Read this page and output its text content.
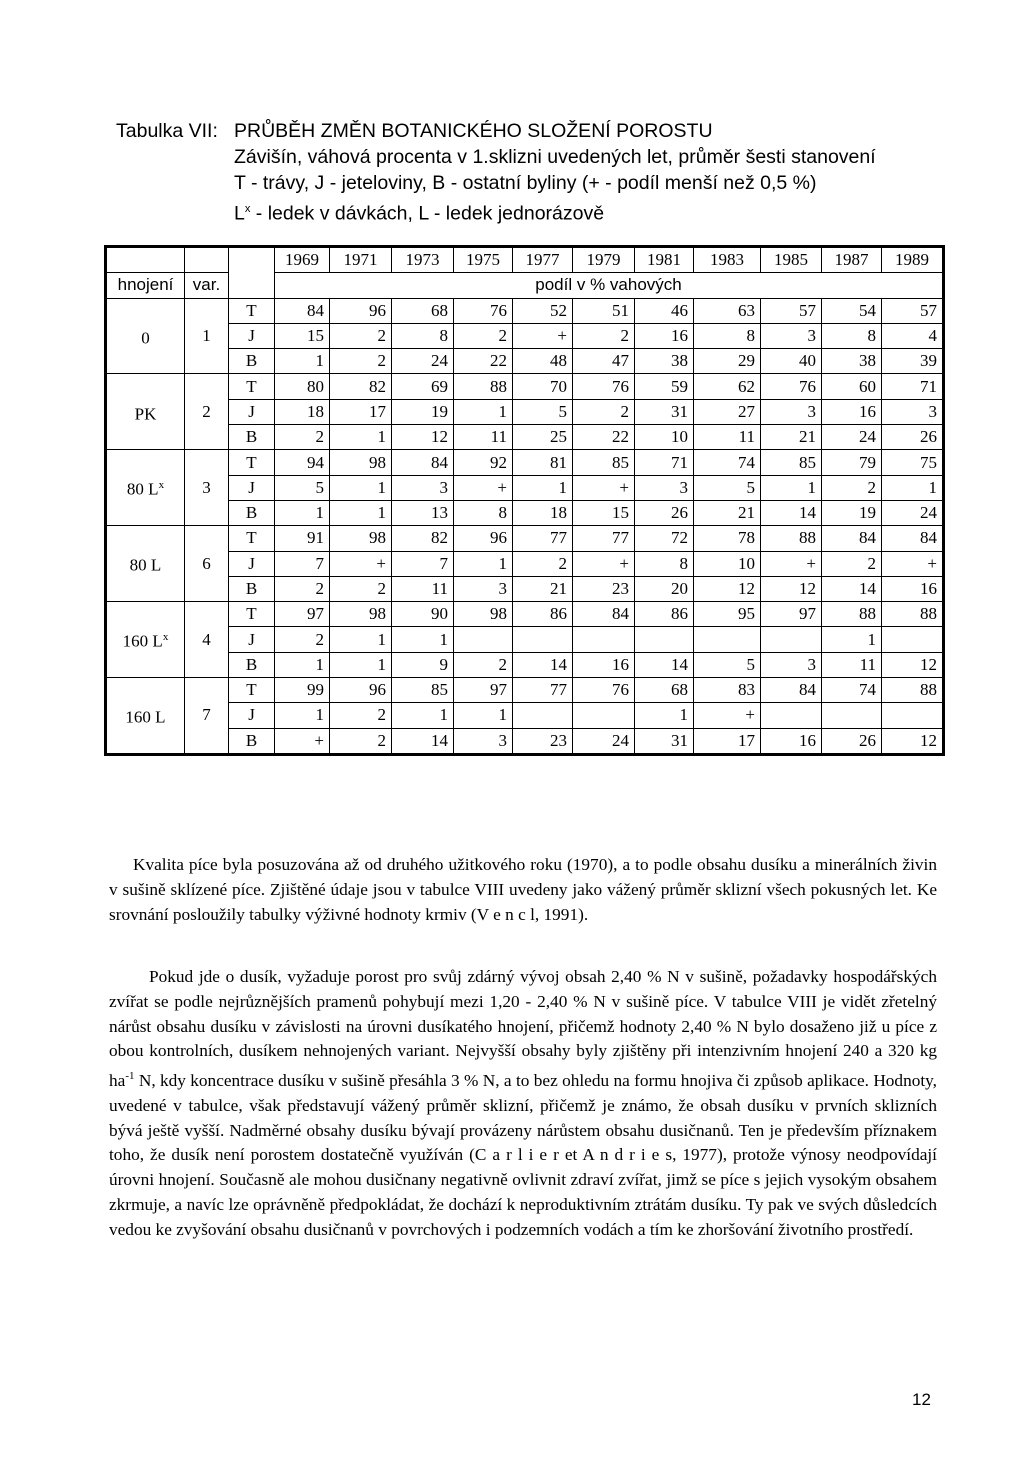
Tabulka VII: PRŮBĚH ZMĚN BOTANICKÉHO SLOŽENÍ POROSTU
Závišín, váhová procenta v 1.sklizni uvedených let, průměr šesti stanovení
T - trávy, J - jeteloviny, B - ostatní byliny (+ - podíl menší než 0,5 %)
$L^x$ - ledek v dávkách, L - ledek jednorázově
			1969	1971	1973	1975	1977	1979	1981	1983	1985	1987	1989
hnojení	var.		podíl v % vahových										
0	1	T	84	96	68	76	52	51	46	63	57	54	57
		J	15	2	8	2	+	2	16	8	3	8	4
		B	1	2	24	22	48	47	38	29	40	38	39
PK	2	T	80	82	69	88	70	76	59	62	76	60	71
		J	18	17	19	1	5	2	31	27	3	16	3
		B	2	1	12	11	25	22	10	11	21	24	26
80 $L^x$	3	T	94	98	84	92	81	85	71	74	85	79	75
		J	5	1	3	+	1	+	3	5	1	2	1
		B	1	1	13	8	18	15	26	21	14	19	24
80 L	6	T	91	98	82	96	77	77	72	78	88	84	84
		J	7	+	7	1	2	+	8	10	+	2	+
		B	2	2	11	3	21	23	20	12	12	14	16
160 $L^x$	4	T	97	98	90	98	86	84	86	95	97	88	88
		J	2	1	1							1	
		B	1	1	9	2	14	16	14	5	3	11	12
160 L	7	T	99	96	85	97	77	76	68	83	84	74	88
		J	1	2	1	1			1	+			
		B	+	2	14	3	23	24	31	17	16	26	12

Kvalita píce byla posuzována až od druhého užitkového roku (1970), a to podle obsahu dusíku a minerálních živin v sušině sklízené píce. Zjištěné údaje jsou v tabulce VIII uvedeny jako vážený průměr sklizní všech pokusných let. Ke srovnání posloužily tabulky výživné hodnoty krmiv (V e n c l, 1991).

Pokud jde o dusík, vyžaduje porost pro svůj zdárný vývoj obsah 2,40 % N v sušině, požadavky hospodářských zvířat se podle nejrůznějších pramenů pohybují mezi 1,20 - 2,40 % N v sušině píce. V tabulce VIII je vidět zřetelný nárůst obsahu dusíku v závislosti na úrovni dusíkatého hnojení, přičemž hodnoty 2,40 % N bylo dosaženo již u píce z obou kontrolních, dusíkem nehnojených variant. Nejvyšší obsahy byly zjištěny při intenzivním hnojení 240 a 320 kg $ha^{-1}$ N, kdy koncentrace dusíku v sušině přesáhla 3 % N, a to bez ohledu na formu hnojiva či způsob aplikace. Hodnoty, uvedené v tabulce, však představují vážený průměr sklizní, přičemž je známo, že obsah dusíku v prvních sklizních bývá ještě vyšší. Nadměrné obsahy dusíku bývají provázeny nárůstem obsahu dusičnanů. Ten je především příznakem toho, že dusík není porostem dostatečně využíván (C a r l i e r et A n d r i e s, 1977), protože výnosy neodpovídají úrovni hnojení. Současně ale mohou dusičnany negativně ovlivnit zdraví zvířat, jimž se píce s jejich vysokým obsahem zkrmuje, a navíc lze oprávněně předpokládat, že dochází k neproduktivním ztrátám dusíku. Ty pak ve svých důsledcích vedou ke zvyšování obsahu dusičnanů v povrchových i podzemních vodách a tím ke zhoršování životního prostředí.

12
